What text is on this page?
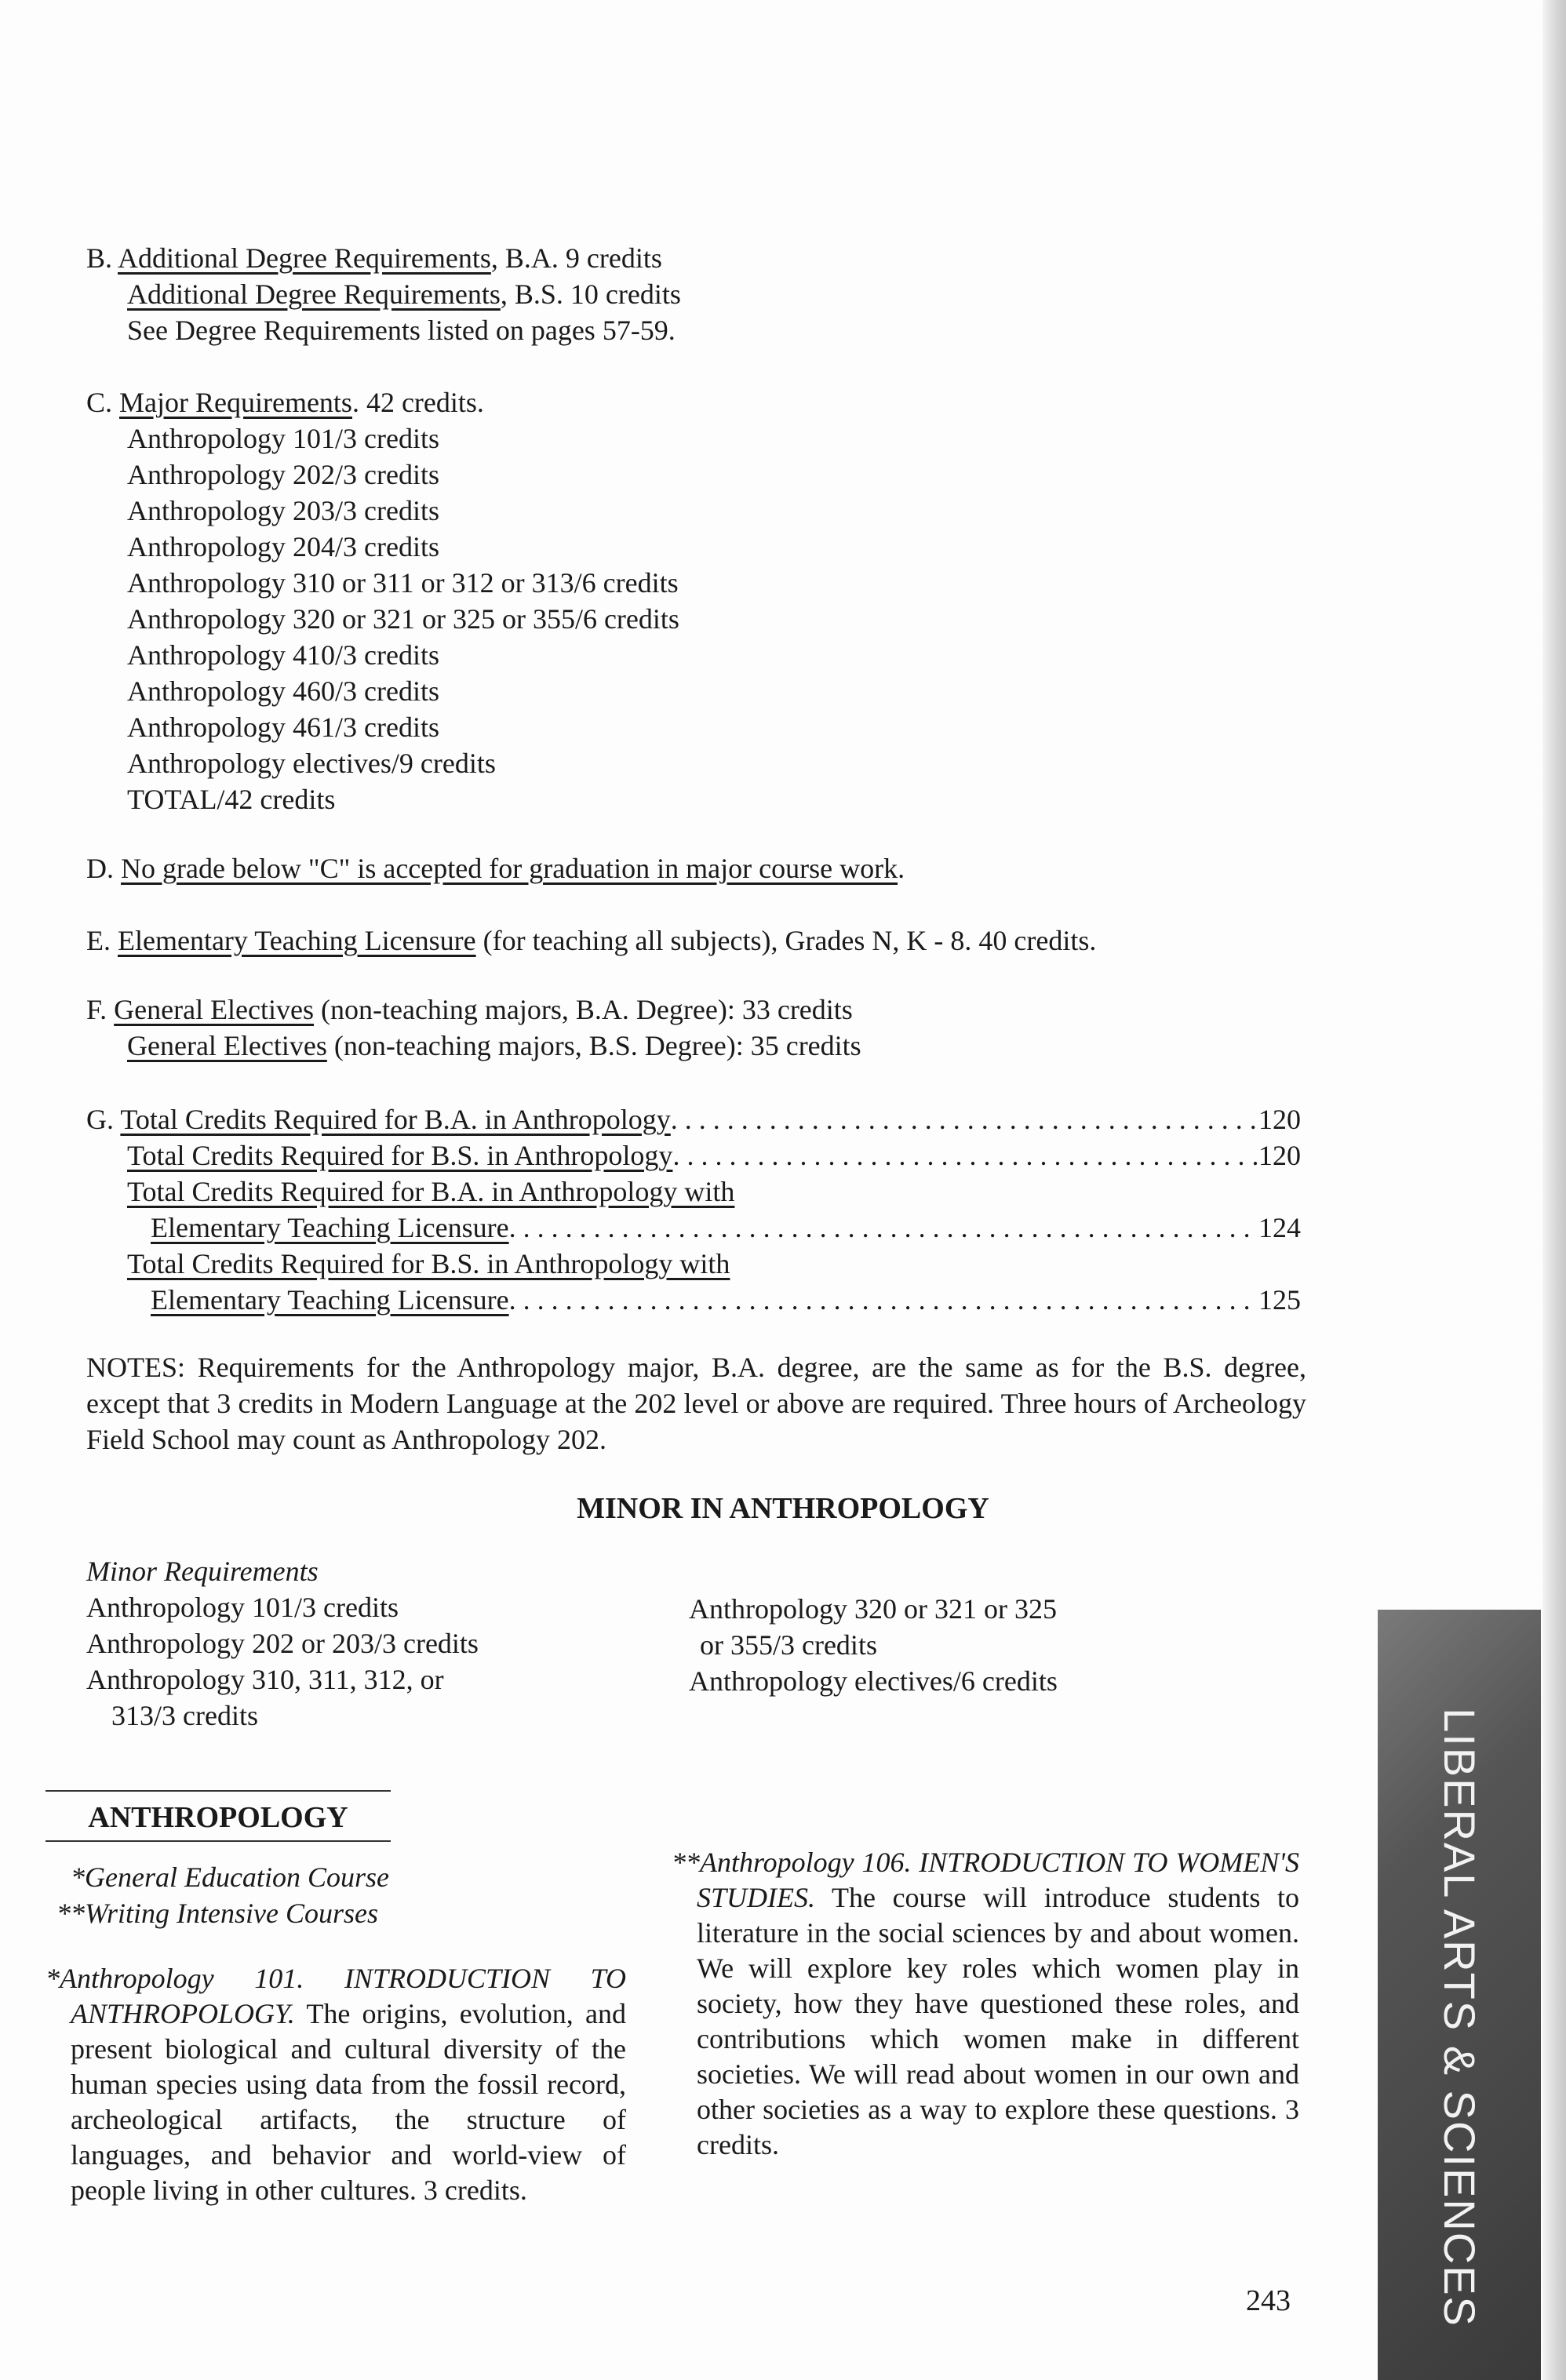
B. Additional Degree Requirements, B.A. 9 credits
Additional Degree Requirements, B.S. 10 credits
See Degree Requirements listed on pages 57-59.
C. Major Requirements. 42 credits.
Anthropology 101/3 credits
Anthropology 202/3 credits
Anthropology 203/3 credits
Anthropology 204/3 credits
Anthropology 310 or 311 or 312 or 313/6 credits
Anthropology 320 or 321 or 325 or 355/6 credits
Anthropology 410/3 credits
Anthropology 460/3 credits
Anthropology 461/3 credits
Anthropology electives/9 credits
TOTAL/42 credits
D. No grade below "C" is accepted for graduation in major course work.
E. Elementary Teaching Licensure (for teaching all subjects), Grades N, K - 8. 40 credits.
F. General Electives (non-teaching majors, B.A. Degree): 33 credits
General Electives (non-teaching majors, B.S. Degree): 35 credits
G. Total Credits Required for B.A. in Anthropology . . .	120
Total Credits Required for B.S. in Anthropology . . .	120
Total Credits Required for B.A. in Anthropology with
Elementary Teaching Licensure . . .	124
Total Credits Required for B.S. in Anthropology with
Elementary Teaching Licensure . . .	125
NOTES: Requirements for the Anthropology major, B.A. degree, are the same as for the B.S. degree, except that 3 credits in Modern Language at the 202 level or above are required. Three hours of Archeology Field School may count as Anthropology 202.
MINOR IN ANTHROPOLOGY
Minor Requirements
Anthropology 101/3 credits
Anthropology 202 or 203/3 credits
Anthropology 310, 311, 312, or
313/3 credits
Anthropology 320 or 321 or 325
or 355/3 credits
Anthropology electives/6 credits
ANTHROPOLOGY
*General Education Course
**Writing Intensive Courses
*Anthropology 101. INTRODUCTION TO ANTHROPOLOGY. The origins, evolution, and present biological and cultural diversity of the human species using data from the fossil record, archeological artifacts, the structure of languages, and behavior and world-view of people living in other cultures. 3 credits.
**Anthropology 106. INTRODUCTION TO WOMEN'S STUDIES. The course will introduce students to literature in the social sciences by and about women. We will explore key roles which women play in society, how they have questioned these roles, and contributions which women make in different societies. We will read about women in our own and other societies as a way to explore these questions. 3 credits.
243	LIBERAL ARTS & SCIENCES
